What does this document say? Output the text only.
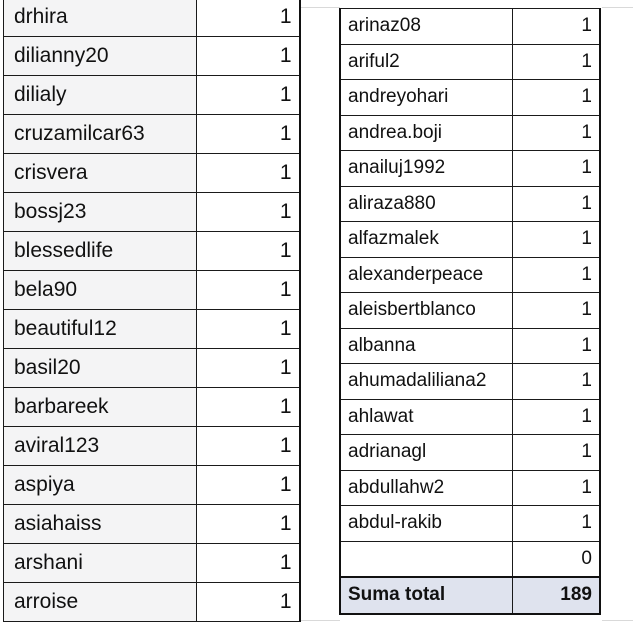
drhira	1
dilianny20	1
dilialy	1
cruzamilcar63	1
crisvera	1
bossj23	1
blessedlife	1
bela90	1
beautiful12	1
basil20	1
barbareek	1
aviral123	1
aspiya	1
asiahaiss	1
arshani	1
arroise	1
arinaz08	1
ariful2	1
andreyohari	1
andrea.boji	1
anailuj1992	1
aliraza880	1
alfazmalek	1
alexanderpeace	1
aleisbertblanco	1
albanna	1
ahumadaliliana2	1
ahlawat	1
adrianagl	1
abdullahw2	1
abdul-rakib	1
	0
Suma total	189
